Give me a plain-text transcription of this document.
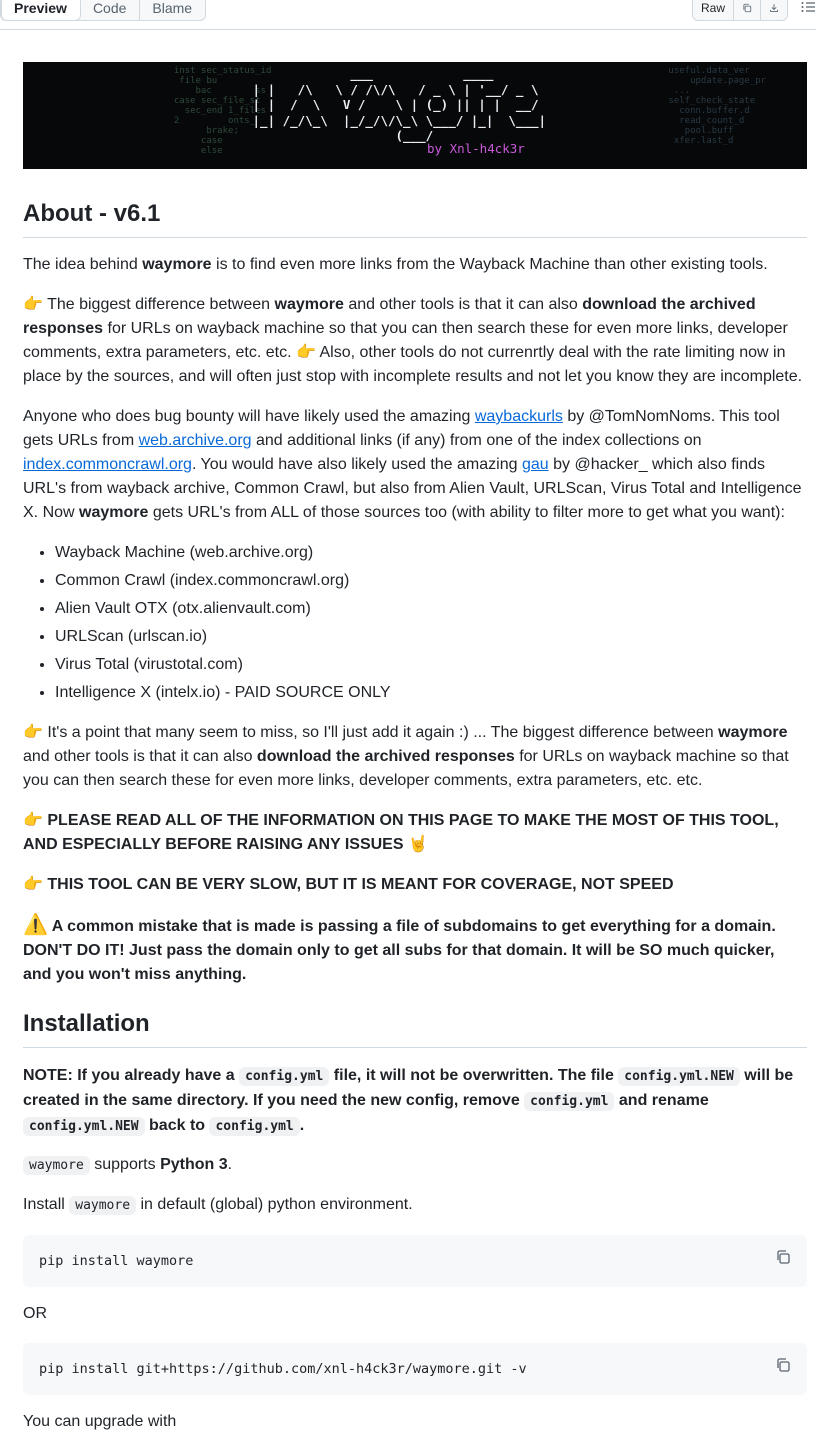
Preview	Code	Blame	Raw
inst sec_status_id
file bu
bac        ss
case sec_file_st
sec_end 1_files
2         onts_
brake;
case
else
useful.data_ver
update.page_pr
...
self_check_state
conn.buffer.d
read_count_d
pool.buff
xfer.last_d
___            ____
| |   /\   \ / /\/\   / _ \ | '__/ _ \
| |  /  \   V /    \ | (_) || | |  __/
|_| /_/\_\  |_/_/\/\_\ \___/ |_|  \___|
(___/
by Xnl-h4ck3r
About - v6.1

The idea behind waymore is to find even more links from the Wayback Machine than other existing tools.

👉 The biggest difference between waymore and other tools is that it can also download the archived responses for URLs on wayback machine so that you can then search these for even more links, developer comments, extra parameters, etc. etc. 👉 Also, other tools do not currenrtly deal with the rate limiting now in place by the sources, and will often just stop with incomplete results and not let you know they are incomplete.

Anyone who does bug bounty will have likely used the amazing waybackurls by @TomNomNoms. This tool gets URLs from web.archive.org and additional links (if any) from one of the index collections on index.commoncrawl.org. You would have also likely used the amazing gau by @hacker_ which also finds URL's from wayback archive, Common Crawl, but also from Alien Vault, URLScan, Virus Total and Intelligence X. Now waymore gets URL's from ALL of those sources too (with ability to filter more to get what you want):

• Wayback Machine (web.archive.org)
• Common Crawl (index.commoncrawl.org)
• Alien Vault OTX (otx.alienvault.com)
• URLScan (urlscan.io)
• Virus Total (virustotal.com)
• Intelligence X (intelx.io) - PAID SOURCE ONLY

👉 It's a point that many seem to miss, so I'll just add it again :) ... The biggest difference between waymore and other tools is that it can also download the archived responses for URLs on wayback machine so that you can then search these for even more links, developer comments, extra parameters, etc. etc.

👉 PLEASE READ ALL OF THE INFORMATION ON THIS PAGE TO MAKE THE MOST OF THIS TOOL, AND ESPECIALLY BEFORE RAISING ANY ISSUES 🤘

👉 THIS TOOL CAN BE VERY SLOW, BUT IT IS MEANT FOR COVERAGE, NOT SPEED

⚠️ A common mistake that is made is passing a file of subdomains to get everything for a domain. DON'T DO IT! Just pass the domain only to get all subs for that domain. It will be SO much quicker, and you won't miss anything.

Installation

NOTE: If you already have a config.yml file, it will not be overwritten. The file config.yml.NEW will be created in the same directory. If you need the new config, remove config.yml and rename config.yml.NEW back to config.yml .

waymore supports Python 3.

Install waymore in default (global) python environment.

pip install waymore

OR

pip install git+https://github.com/xnl-h4ck3r/waymore.git -v

You can upgrade with
